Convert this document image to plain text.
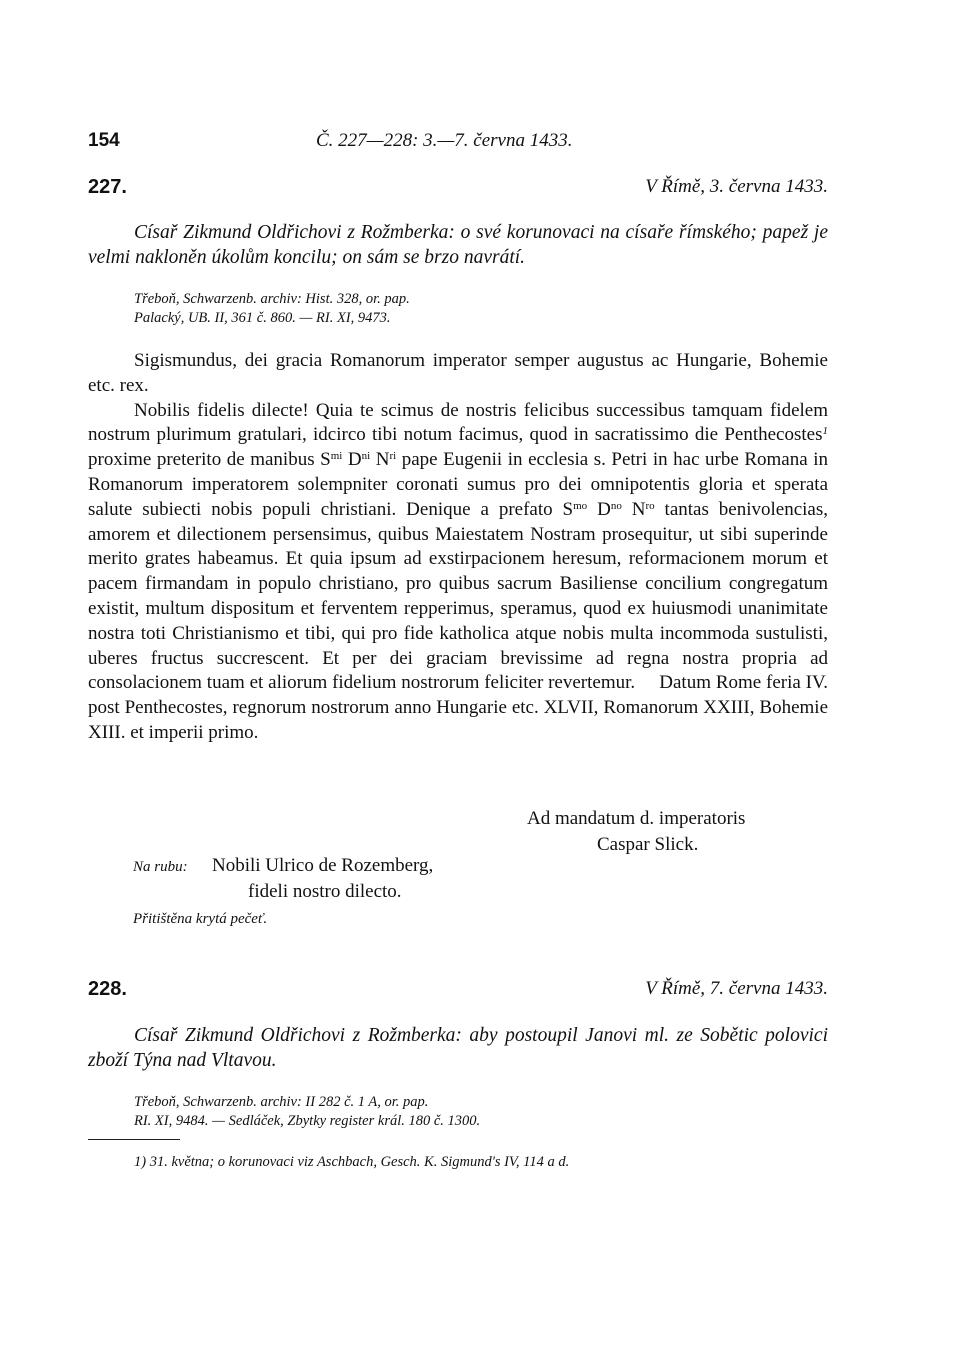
154	Č. 227—228: 3.—7. června 1433.
227.	V Římě, 3. června 1433.
Císař Zikmund Oldřichovi z Rožmberka: o své korunovaci na císaře římského; papež je velmi nakloněn úkolům koncilu; on sám se brzo navrátí.
Třeboň, Schwarzenb. archiv: Hist. 328, or. pap.
Palacký, UB. II, 361 č. 860. — RI. XI, 9473.

Sigismundus, dei gracia Romanorum imperator semper augustus ac Hungarie, Bohemie etc. rex.

Nobilis fidelis dilecte! Quia te scimus de nostris felicibus successibus tamquam fidelem nostrum plurimum gratulari, idcirco tibi notum facimus, quod in sacratissimo die Penthecostes$^1$ proxime preterito de manibus $S^{mi}$ $D^{ni}$ $N^{ri}$ pape Eugenii in ecclesia s. Petri in hac urbe Romana in Romanorum imperatorem solempniter coronati sumus pro dei omnipotentis gloria et sperata salute subiecti nobis populi christiani. Denique a prefato $S^{mo}$ $D^{no}$ $N^{ro}$ tantas benivolencias, amorem et dilectionem persensimus, quibus Maiestatem Nostram prosequitur, ut sibi superinde merito grates habeamus. Et quia ipsum ad exstirpacionem heresum, reformacionem morum et pacem firmandam in populo christiano, pro quibus sacrum Basiliense concilium congregatum existit, multum dispositum et ferventem repperimus, speramus, quod ex huiusmodi unanimitate nostra toti Christianismo et tibi, qui pro fide katholica atque nobis multa incommoda sustulisti, uberes fructus succrescent. Et per dei graciam brevissime ad regna nostra propria ad consolacionem tuam et aliorum fidelium nostrorum feliciter revertemur. Datum Rome feria IV. post Penthecostes, regnorum nostrorum anno Hungarie etc. XLVII, Romanorum XXIII, Bohemie XIII. et imperii primo.

Ad mandatum d. imperatoris
Caspar Slick.
Na rubu: Nobili Ulrico de Rozemberg,
fideli nostro dilecto.
Přitištěna krytá pečeť.
228.	V Římě, 7. června 1433.
Císař Zikmund Oldřichovi z Rožmberka: aby postoupil Janovi ml. ze Sobětic polovici zboží Týna nad Vltavou.
Třeboň, Schwarzenb. archiv: II 282 č. 1 A, or. pap.
RI. XI, 9484. — Sedláček, Zbytky register král. 180 č. 1300.
1) 31. května; o korunovaci viz Aschbach, Gesch. K. Sigmund's IV, 114 a d.
